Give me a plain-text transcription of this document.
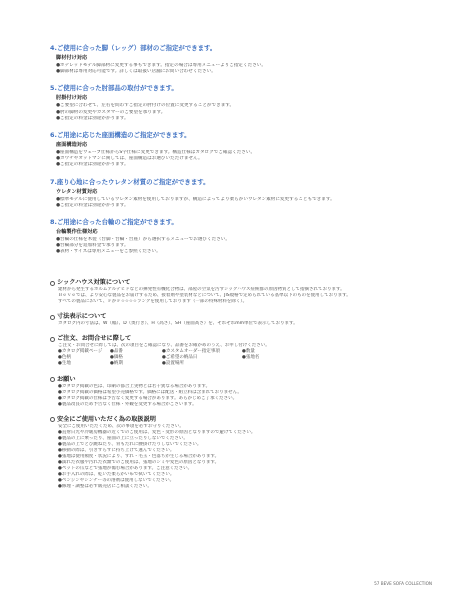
4.ご使用に合った脚（レッグ）部材のご指定ができます。
脚材付け対応
●ホテレッドモデル脚部材に変更する事もできます。指定の場合は専用メニューよりご指定ください。
●脚部材は専用対応可能です。詳しくは取扱い店舗にお問い合わせください。
5.ご使用に合った肘部品の取付ができます。
肘掛付け対応
●ご要望に合わせて、左右を問わずご指定の肘付けの位置に変更することができます。
●肘の脚材の変更やカスタマーのご要望を承ります。
●ご指定の料金は別途かかります。
6.ご用途に応じた座面構造のご指定ができます。
座面構造対応
●座面構造をウェーブ仕様からS字仕様に変更できます。構造仕様はカタログでご確認ください。
●カウチやオットマンに関しては、座面構造はお選びいただけません。
●ご指定の料金は別途かかります。
7.座り心地に合ったウレタン材質のご指定ができます。
ウレタン材質対応
●標準モデルに使用しているウレタン素材を使用しておりますが、構造によってより柔らかいウレタン素材に変更することもできます。
●ご指定の料金は別途かかります。
8.ご用途に合った台輪のご指定ができます。
台輪製作仕様対応
●台輪の仕様を木製（台脚・台輪・台座）から選択するメニューでお選びください。
●台輪部分を追加料金で承ります。
●表材・サイズは専用メニューをご参照ください。
シックハウス対策について
建材から発生するホルムアルデヒドなどの揮発性有機化合物は、部屋の空気を汚すシックハウス症候群の原因物質として指摘されております。
Ｂｅｖｅでは、より安心な製品をお届けするため、接着剤や塗装材などについて、JIS規格で定められている基準以下のものを使用しております。
すべての製品において、ＦかＦ☆☆☆☆ランクを使用しております（一部の特殊材料を除く）。
寸法表示について
カタログ内の寸法は、W（幅）、D（奥行き）、H（高さ）、SH（座面高さ）を、それぞれmm単位で表示しております。
ご注文、お問合せに際して
ご注文・お問合せに際しては、次の項目をご確認になり、品番をお確かめのうえ、お申し付けください。
●カタログ掲載ページ	●品番	●カスタムオーダー指定事項	●数量
●色柄	●価格	●ご希望の納品日	●張地名
●生地	●納期	●設置場所
お願い
●カタログ掲載の色は、印刷の都合上実物とは若干異なる場合があります。
●カタログ掲載の価格は希望小売価格です。価格には配送・組立料は含まれておりません。
●カタログ掲載の仕様は予告なく変更する場合があります。あらかじめご了承ください。
●製品改良のため予告なく仕様・外観を変更する場合がございます。
安全にご使用いただく為の取扱説明
安全にご使用いただくため、次の事項を必ずお守りください。
●直射日光や冷暖房機器の近くでのご使用は、変色・変形の原因となりますので避けてください。
●製品の上に乗ったり、座面の上に立ったりしないでください。
●製品の上でとび跳ねたり、背もたれに腰掛けたりしないでください。
●移動の際は、引きずらずに持ち上げて運んでください。
●張地は使用頻度・状況により、すれ・毛玉・色落ちが生じる場合があります。
●濡れた衣服や汚れた衣類でのご使用は、張地のシミや変色の原因となります。
●ペットの爪などで張地が傷む場合があります。ご注意ください。
●お手入れの際は、乾いた柔らかい布で拭いてください。
●ベンジンやシンナー等の溶剤は使用しないでください。
●修理・調整は必ず販売店にご相談ください。
57 BEVE SOFA COLLECTION
